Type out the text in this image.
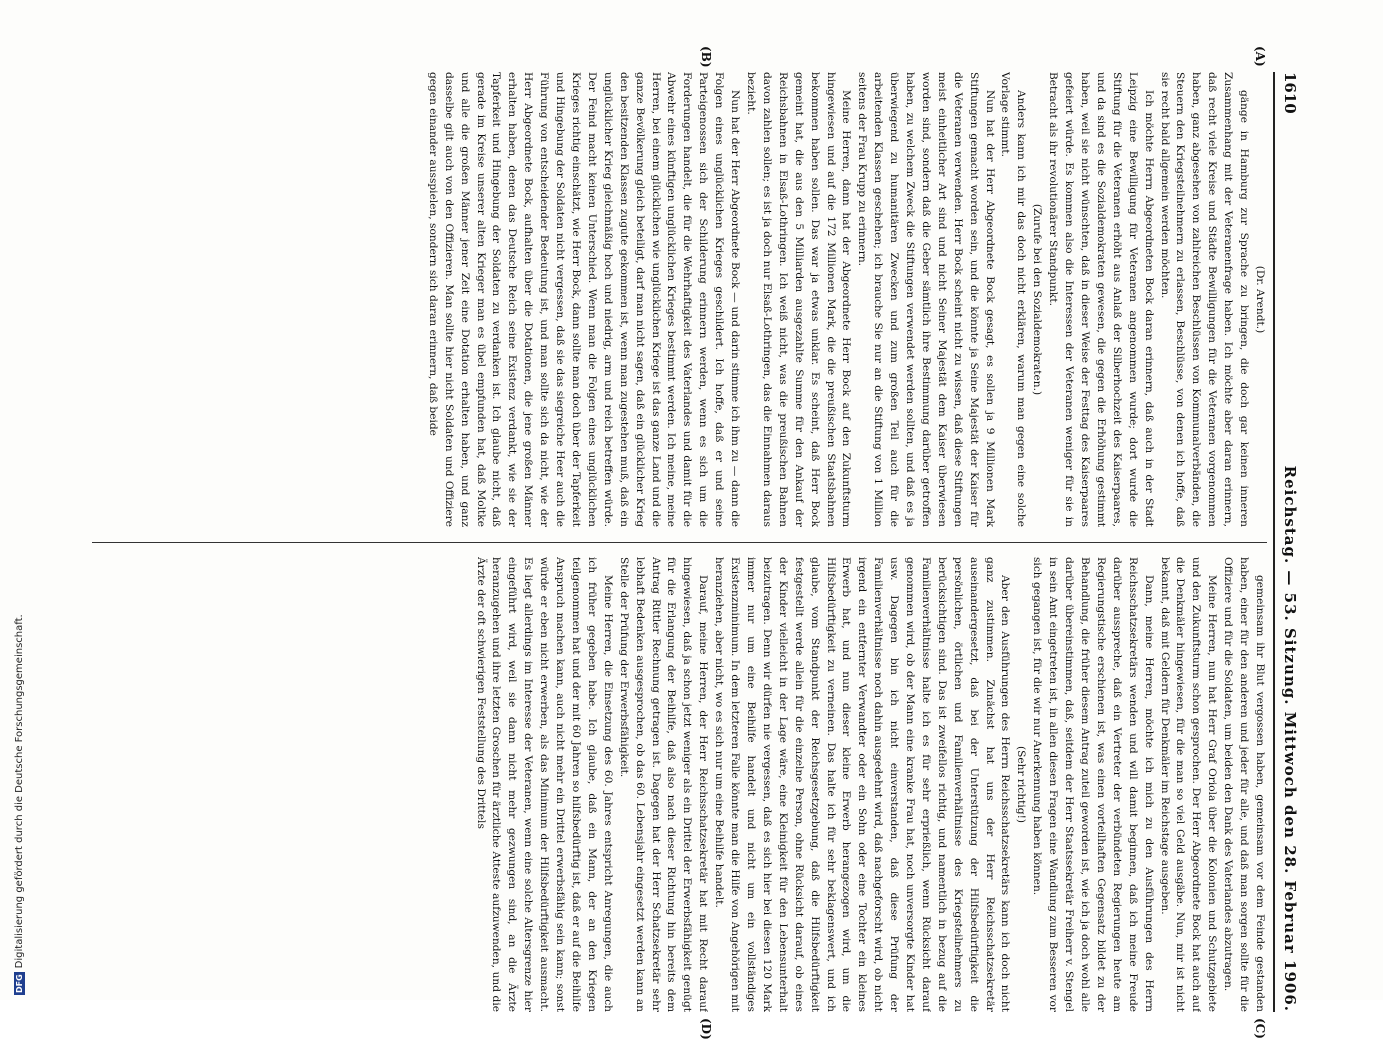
1610
Reichstag. — 53. Sitzung. Mittwoch den 28. Februar 1906.
(A)
(B)
(C)
(D)

(Dr. Arendt.)

gänge in Hamburg zur Sprache zu bringen, die doch gar keinen inneren Zusammenhang mit der Veteranenfrage haben. Ich möchte aber daran erinnern, daß recht viele Kreise und Städte Bewilligungen für die Veteranen vorgenommen haben, ganz abgesehen von zahlreichen Beschlüssen von Kommunalverbänden, die Steuern den Kriegsteilnehmern zu erlassen, Beschlüsse, von denen ich hoffe, daß sie recht bald allgemein werden möchten.

Ich möchte Herrn Abgeordneten Bock daran erinnern, daß auch in der Stadt Leipzig eine Bewilligung für Veteranen angenommen wurde; dort wurde die Stiftung für die Veteranen erhöht aus Anlaß der Silberhochzeit des Kaiserpaares, und da sind es die Sozialdemokraten gewesen, die gegen die Erhöhung gestimmt haben, weil sie nicht wünschten, daß in dieser Weise der Festtag des Kaiserpaares gefeiert würde. Es kommen also die Interessen der Veteranen weniger für sie in Betracht als ihr revolutionärer Standpunkt.

(Zurufe bei den Sozialdemokraten.)

Anders kann ich mir das doch nicht erklären, warum man gegen eine solche Vorlage stimmt.

Nun hat der Herr Abgeordnete Bock gesagt, es sollen ja 9 Millionen Mark Stiftungen gemacht worden sein, und die könnte ja Seine Majestät der Kaiser für die Veteranen verwenden. Herr Bock scheint nicht zu wissen, daß diese Stiftungen meist einheitlicher Art sind und nicht Seiner Majestät dem Kaiser überwiesen worden sind, sondern daß die Geber sämtlich ihre Bestimmung darüber getroffen haben, zu welchem Zweck die Stiftungen verwendet werden sollten, und daß es ja überwiegend zu humanitären Zwecken und zum großen Teil auch für die arbeitenden Klassen geschehen; ich brauche Sie nur an die Stiftung von 1 Million seitens der Frau Krupp zu erinnern.

Meine Herren, dann hat der Abgeordnete Herr Bock auf den Zukunftsturm hingewiesen und auf die 172 Millionen Mark, die die preußischen Staatsbahnen bekommen haben sollen. Das war ja etwas unklar. Es scheint, daß Herr Bock gemeint hat, die aus den 5 Milliarden ausgezahlte Summe für den Ankauf der Reichsbahnen in Elsaß-Lothringen. Ich weiß nicht, was die preußischen Bahnen davon zahlen sollen; es ist ja doch nur Elsaß-Lothringen, das die Einnahmen daraus bezieht.

Nun hat der Herr Abgeordnete Bock — und darin stimme ich ihm zu — dann die Folgen eines unglücklichen Krieges geschildert. Ich hoffe, daß er und seine Parteigenossen sich der Schilderung erinnern werden, wenn es sich um die Forderungen handelt, die für die Wehrhaftigkeit des Vaterlandes und damit für die Abwehr eines künftigen unglücklichen Krieges bestimmt werden. Ich meine, meine Herren, bei einem glücklichen wie unglücklichen Kriege ist das ganze Land und die ganze Bevölkerung gleich beteiligt, darf man nicht sagen, daß ein glücklicher Krieg den besitzenden Klassen zugute gekommen ist, wenn man zugestehen muß, daß ein unglücklicher Krieg gleichmäßig hoch und niedrig, arm und reich betreffen würde. Der Feind macht keinen Unterschied. Wenn man die Folgen eines unglücklichen Krieges richtig einschätzt, wie Herr Bock, dann sollte man doch über der Tapferkeit und Hingebung der Soldaten nicht vergessen, daß sie das siegreiche Heer auch die Führung von entscheidender Bedeutung ist, und man sollte sich da nicht, wie der Herr Abgeordnete Bock, aufhalten über die Dotationen, die jene großen Männer erhalten haben, denen das Deutsche Reich seine Existenz verdankt, wie sie der Tapferkeit und Hingebung der Soldaten zu verdanken ist. Ich glaube nicht, daß gerade im Kreise unserer alten Krieger man es übel empfunden hat, daß Moltke und alle die großen Männer jener Zeit eine Dotation erhalten haben, und ganz dasselbe gilt auch von den Offizieren. Man sollte hier nicht Soldaten und Offiziere gegen einander ausspielen, sondern sich daran erinnern, daß beide

gemeinsam ihr Blut vergossen haben, gemeinsam vor dem Feinde gestanden haben, einer für den anderen und jeder für alle, und daß man sorgen sollte für die Offiziere und für die Soldaten, um beiden den Dank des Vaterlandes abzutragen.

Meine Herren, nun hat Herr Graf Oriola über die Kolonien und Schutzgebiete und den Zukunftsturm schon gesprochen. Der Herr Abgeordnete Bock hat auch auf die Denkmäler hingewiesen, für die man so viel Geld ausgäbe. Nun, mir ist nicht bekannt, daß mit Geldern für Denkmäler im Reichstage ausgeben.

Dann, meine Herren, möchte ich mich zu den Ausführungen des Herrn Reichsschatzsekretärs wenden und will damit beginnen, daß ich meine Freude darüber ausspreche, daß ein Vertreter der verbündeten Regierungen heute am Regierungstische erschienen ist, was einen vorteilhaften Gegensatz bildet zu der Behandlung, die früher diesem Antrag zuteil geworden ist, wie ich ja doch wohl alle darüber übereinstimmen, daß, seitdem der Herr Staatssekretär Freiherr v. Stengel in sein Amt eingetreten ist, in allen diesen Fragen eine Wandlung zum Besseren vor sich gegangen ist, für die wir nur Anerkennung haben können.

(Sehr richtig!)

Aber den Ausführungen des Herrn Reichsschatzsekretärs kann ich doch nicht ganz zustimmen. Zunächst hat uns der Herr Reichsschatzsekretär auseinandergesetzt, daß bei der Unterstützung der Hilfsbedürftigkeit die persönlichen, örtlichen und Familienverhältnisse des Kriegsteilnehmers zu berücksichtigen sind. Das ist zweifellos richtig, und namentlich in bezug auf die Familienverhältnisse halte ich es für sehr erprießlich, wenn Rücksicht darauf genommen wird, ob der Mann eine kranke Frau hat, noch unversorgte Kinder hat usw. Dagegen bin ich nicht einverstanden, daß diese Prüfung der Familienverhältnisse noch dahin ausgedehnt wird, daß nachgeforscht wird, ob nicht irgend ein entfernter Verwandter oder ein Sohn oder eine Tochter ein kleines Erwerb hat, und nun dieser kleine Erwerb herangezogen wird, um die Hilfsbedürftigkeit zu verneinen. Das halte ich für sehr beklagenswert, und ich glaube, vom Standpunkt der Reichsgesetzgebung, daß die Hilfsbedürftigkeit festgestellt werde allein für die einzelne Person, ohne Rücksicht darauf, ob eines der Kinder vielleicht in der Lage wäre, eine Kleinigkeit für den Lebensunterhalt beizutragen. Denn wir dürfen nie vergessen, daß es sich hier bei diesen 120 Mark immer nur um eine Beihilfe handelt und nicht um ein vollständiges Existenzminimum. In dem letzteren Falle könnte man die Hilfe von Angehörigen mit heranziehen, aber nicht, wo es sich nur um eine Beihilfe handelt.

Darauf, meine Herren, der Herr Reichsschatzsekretär hat mit Recht darauf hingewiesen, daß ja schon jetzt weniger als ein Drittel der Erwerbsfähigkeit genügt für die Erlangung der Beihilfe, daß also nach dieser Richtung hin bereits dem Antrag Rittler Rechnung getragen ist. Dagegen hat der Herr Schatzsekretär sehr lebhaft Bedenken ausgesprochen, ob das 60. Lebensjahr eingesetzt werden kann an Stelle der Prüfung der Erwerbsfähigkeit.

Meine Herren, die Einsetzung des 60. Jahres entspricht Anregungen, die auch ich früher gegeben habe. Ich glaube, daß ein Mann, der an den Kriegen teilgenommen hat und der mit 60 Jahren so hilfsbedürftig ist, daß er auf die Beihilfe Anspruch machen kann, auch nicht mehr ein Drittel erwerbsfähig sein kann; sonst würde er eben nicht erwerben, als das Minimum der Hilfsbedürftigkeit ausmacht. Es liegt allerdings im Interesse der Veteranen, wenn eine solche Altersgrenze hier eingeführt wird, weil sie dann nicht mehr gezwungen sind, an die Ärzte heranzugehen und ihre letzten Groschen für ärztliche Atteste aufzuwenden, und die Ärzte der oft schwierigen Feststellung des Drittels

DFG
Digitalisierung gefördert durch die Deutsche Forschungsgemeinschaft.
